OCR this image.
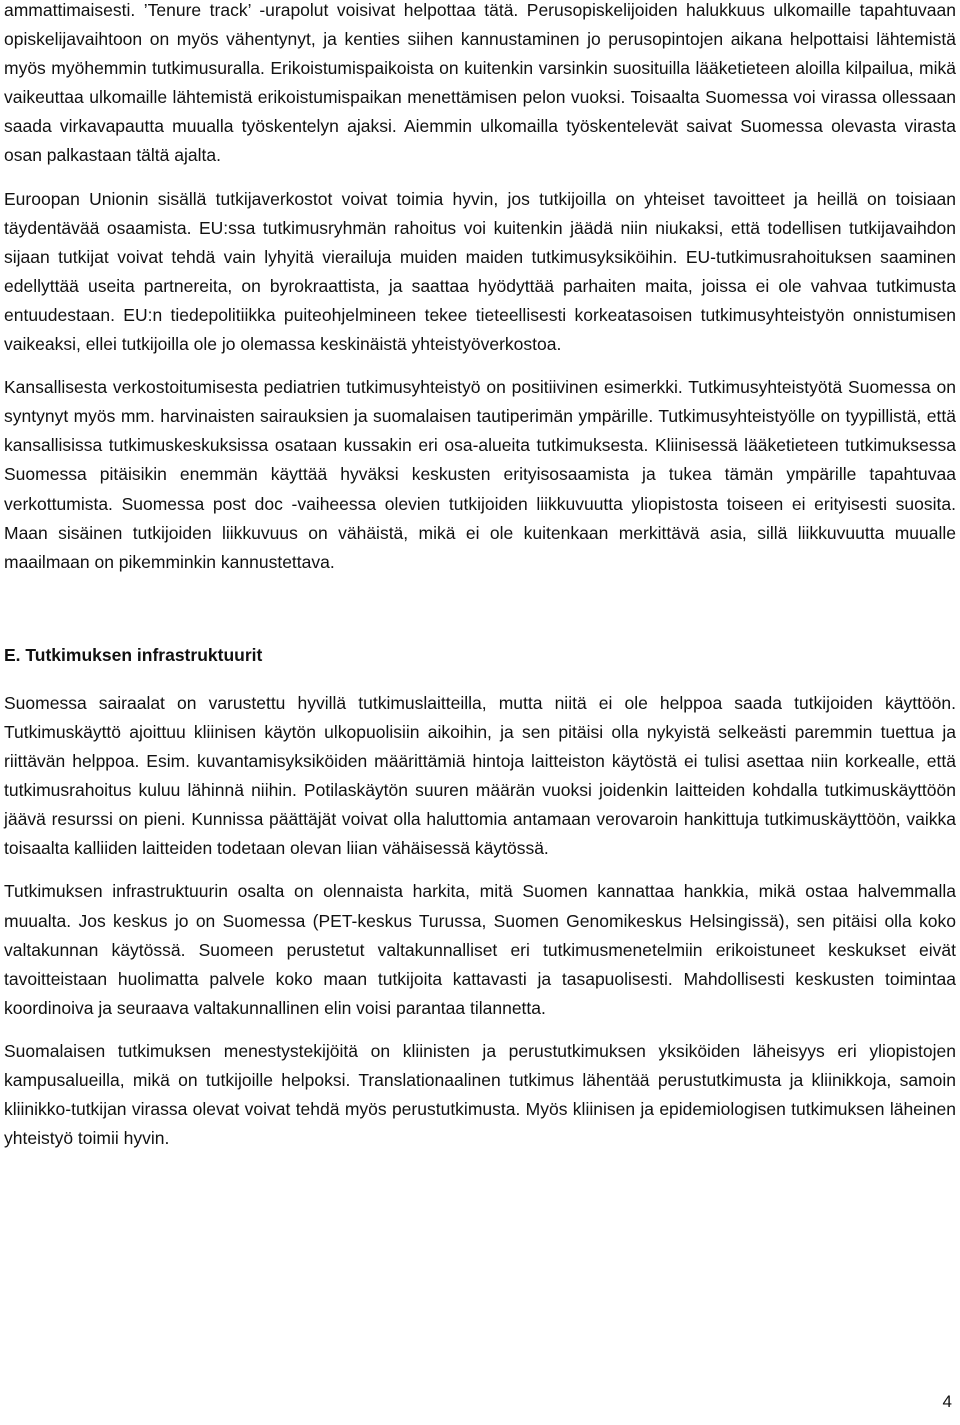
ammattimaisesti. ’Tenure track’ -urapolut voisivat helpottaa tätä. Perusopiskelijoiden halukkuus ulkomaille tapahtuvaan opiskelijavaihtoon on myös vähentynyt, ja kenties siihen kannustaminen jo perusopintojen aikana helpottaisi lähtemistä myös myöhemmin tutkimusuralla. Erikoistumispaikoista on kuitenkin varsinkin suosituilla lääketieteen aloilla kilpailua, mikä vaikeuttaa ulkomaille lähtemistä erikoistumispaikan menettämisen pelon vuoksi. Toisaalta Suomessa voi virassa ollessaan saada virkavapautta muualla työskentelyn ajaksi. Aiemmin ulkomailla työskentelevät saivat Suomessa olevasta virasta osan palkastaan tältä ajalta.

Euroopan Unionin sisällä tutkijaverkostot voivat toimia hyvin, jos tutkijoilla on yhteiset tavoitteet ja heillä on toisiaan täydentävää osaamista. EU:ssa tutkimusryhmän rahoitus voi kuitenkin jäädä niin niukaksi, että todellisen tutkijavaihdon sijaan tutkijat voivat tehdä vain lyhyitä vierailuja muiden maiden tutkimusyksiköihin. EU-tutkimusrahoituksen saaminen edellyttää useita partnereita, on byrokraattista, ja saattaa hyödyttää parhaiten maita, joissa ei ole vahvaa tutkimusta entuudestaan. EU:n tiedepolitiikka puiteohjelmineen tekee tieteellisesti korkeatasoisen tutkimusyhteistyön onnistumisen vaikeaksi, ellei tutkijoilla ole jo olemassa keskinäistä yhteistyöverkostoa.

Kansallisesta verkostoitumisesta pediatrien tutkimusyhteistyö on positiivinen esimerkki. Tutkimusyhteistyötä Suomessa on syntynyt myös mm. harvinaisten sairauksien ja suomalaisen tautiperimän ympärille. Tutkimusyhteistyölle on tyypillistä, että kansallisissa tutkimuskeskuksissa osataan kussakin eri osa-alueita tutkimuksesta. Kliinisessä lääketieteen tutkimuksessa Suomessa pitäisikin enemmän käyttää hyväksi keskusten erityisosaamista ja tukea tämän ympärille tapahtuvaa verkottumista. Suomessa post doc -vaiheessa olevien tutkijoiden liikkuvuutta yliopistosta toiseen ei erityisesti suosita. Maan sisäinen tutkijoiden liikkuvuus on vähäistä, mikä ei ole kuitenkaan merkittävä asia, sillä liikkuvuutta muualle maailmaan on pikemminkin kannustettava.

E. Tutkimuksen infrastruktuurit

Suomessa sairaalat on varustettu hyvillä tutkimuslaitteilla, mutta niitä ei ole helppoa saada tutkijoiden käyttöön. Tutkimuskäyttö ajoittuu kliinisen käytön ulkopuolisiin aikoihin, ja sen pitäisi olla nykyistä selkeästi paremmin tuettua ja riittävän helppoa. Esim. kuvantamisyksiköiden määrittämiä hintoja laitteiston käytöstä ei tulisi asettaa niin korkealle, että tutkimusrahoitus kuluu lähinnä niihin. Potilaskäytön suuren määrän vuoksi joidenkin laitteiden kohdalla tutkimuskäyttöön jäävä resurssi on pieni. Kunnissa päättäjät voivat olla haluttomia antamaan verovaroin hankittuja tutkimuskäyttöön, vaikka toisaalta kalliiden laitteiden todetaan olevan liian vähäisessä käytössä.

Tutkimuksen infrastruktuurin osalta on olennaista harkita, mitä Suomen kannattaa hankkia, mikä ostaa halvemmalla muualta. Jos keskus jo on Suomessa (PET-keskus Turussa, Suomen Genomikeskus Helsingissä), sen pitäisi olla koko valtakunnan käytössä. Suomeen perustetut valtakunnalliset eri tutkimusmenetelmiin erikoistuneet keskukset eivät tavoitteistaan huolimatta palvele koko maan tutkijoita kattavasti ja tasapuolisesti. Mahdollisesti keskusten toimintaa koordinoiva ja seuraava valtakunnallinen elin voisi parantaa tilannetta.

Suomalaisen tutkimuksen menestystekijöitä on kliinisten ja perustutkimuksen yksiköiden läheisyys eri yliopistojen kampusalueilla, mikä on tutkijoille helpoksi. Translationaalinen tutkimus lähentää perustutkimusta ja kliinikkoja, samoin kliinikko-tutkijan virassa olevat voivat tehdä myös perustutkimusta. Myös kliinisen ja epidemiologisen tutkimuksen läheinen yhteistyö toimii hyvin.

4
